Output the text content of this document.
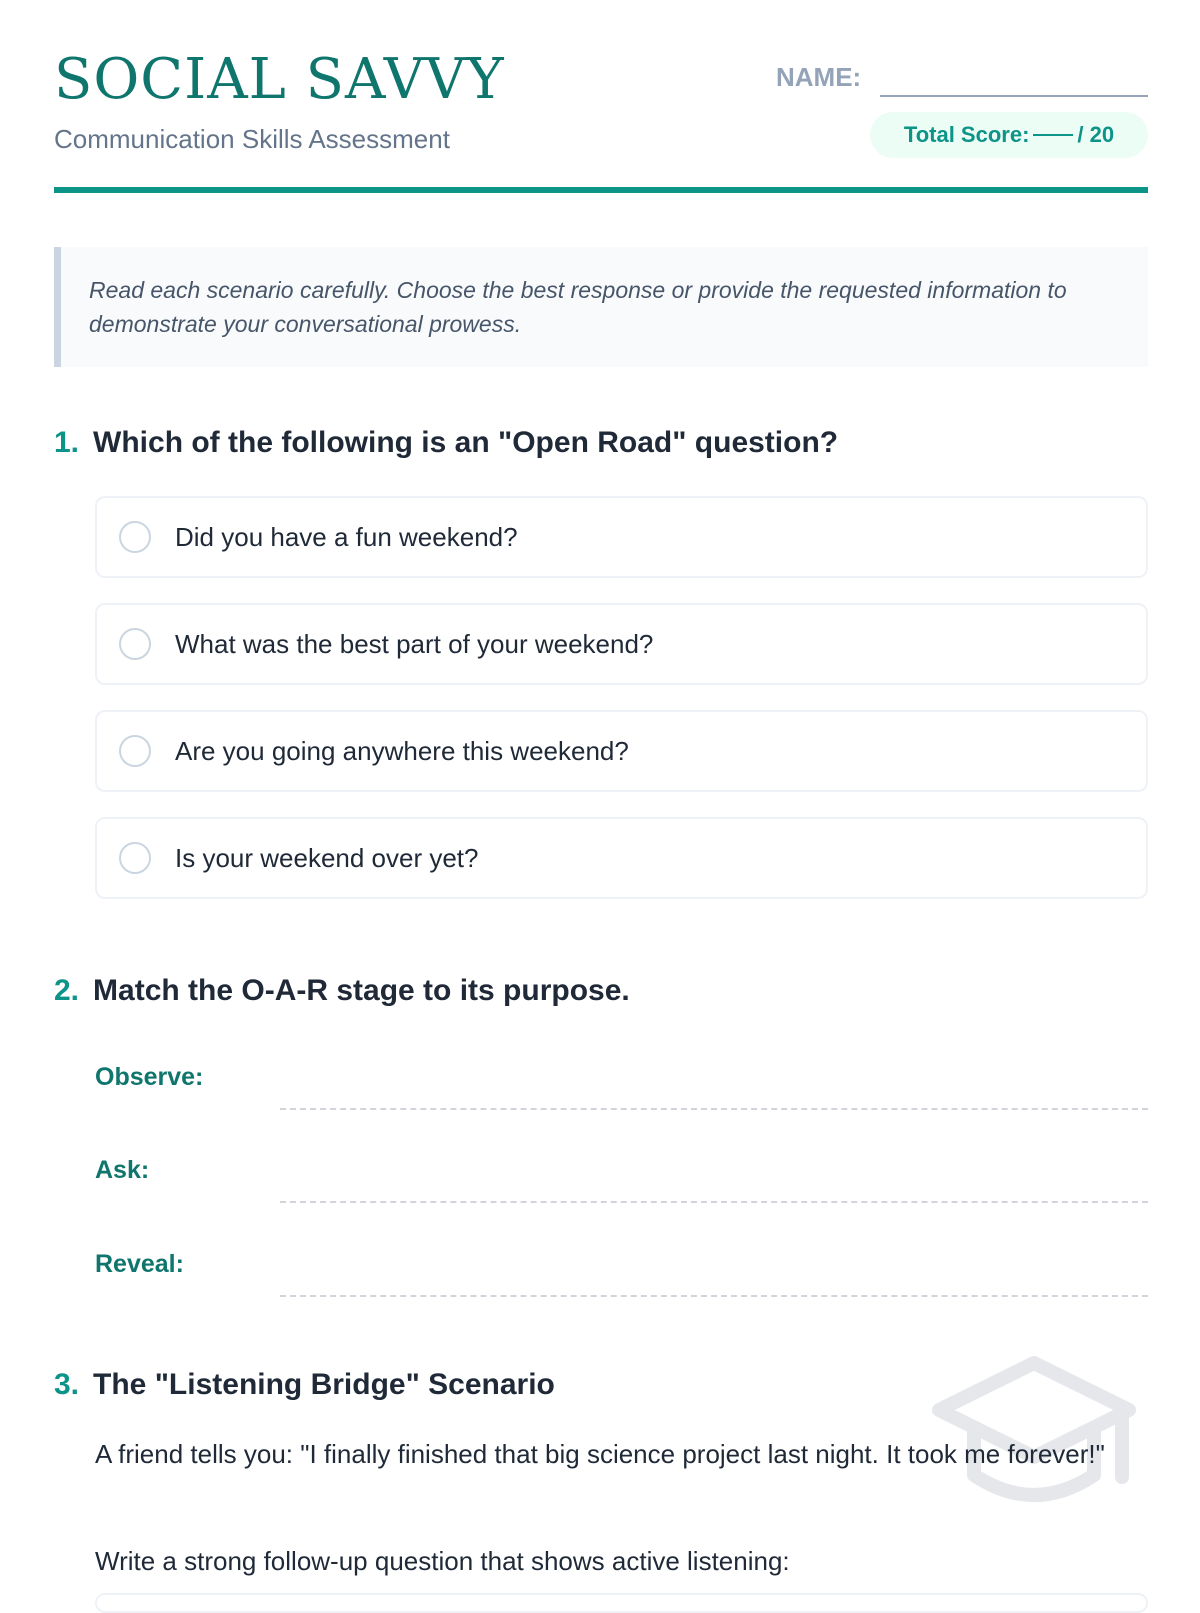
SOCIAL SAVVY
Communication Skills Assessment
NAME:
Total Score: / 20
Read each scenario carefully. Choose the best response or provide the requested information to demonstrate your conversational prowess.
1. Which of the following is an "Open Road" question?
Did you have a fun weekend?
What was the best part of your weekend?
Are you going anywhere this weekend?
Is your weekend over yet?
2. Match the O-A-R stage to its purpose.
Observe:
Ask:
Reveal:
3. The "Listening Bridge" Scenario
A friend tells you: "I finally finished that big science project last night. It took me forever!"
Write a strong follow-up question that shows active listening:
